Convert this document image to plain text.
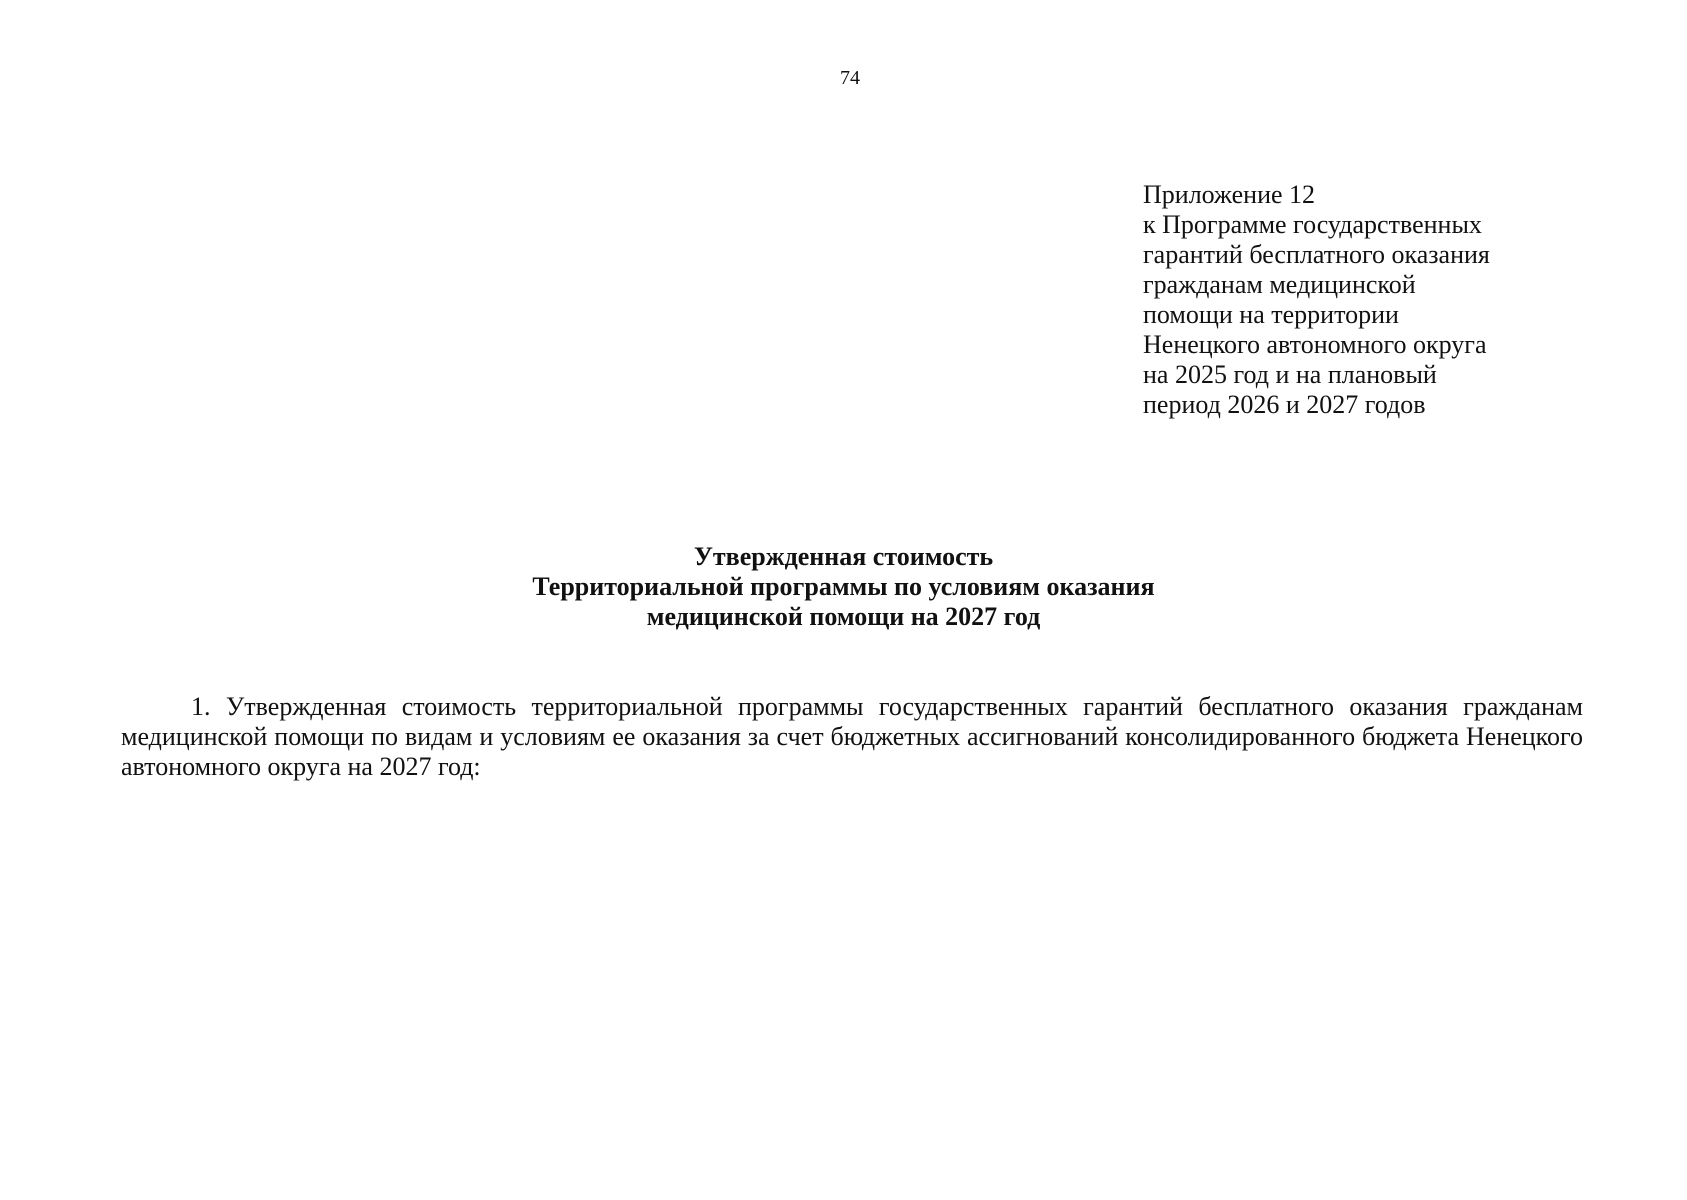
74
Приложение 12
к Программе государственных
гарантий бесплатного оказания
гражданам медицинской
помощи на территории
Ненецкого автономного округа
на 2025 год и на плановый
период 2026 и 2027 годов
Утвержденная стоимость
Территориальной программы по условиям оказания
медицинской помощи на 2027 год
1. Утвержденная стоимость территориальной программы государственных гарантий бесплатного оказания гражданам
медицинской помощи по видам и условиям ее оказания за счет бюджетных ассигнований консолидированного бюджета Ненецкого
автономного округа на 2027 год:
